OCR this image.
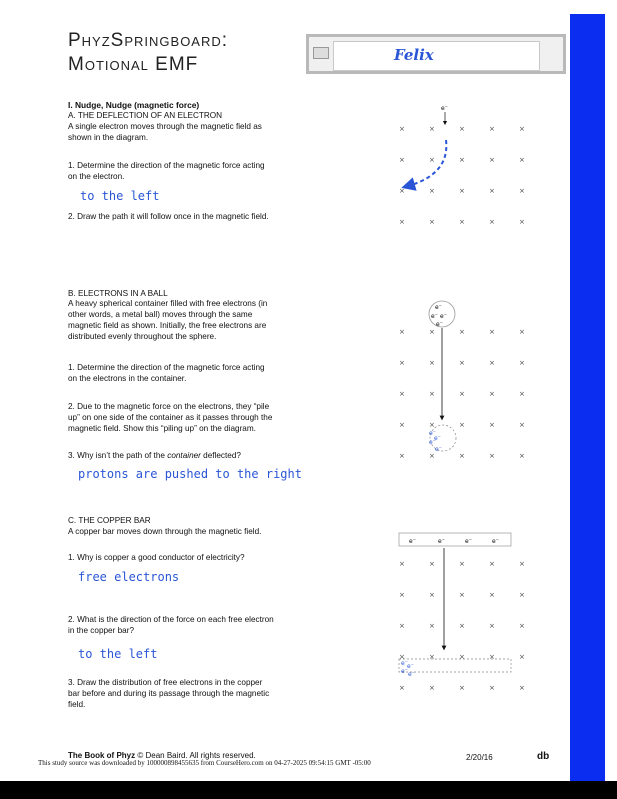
PhyzSpringboard:
Motional EMF	Felix
I. Nudge, Nudge (magnetic force)
A. THE DEFLECTION OF AN ELECTRON
A single electron moves through the magnetic field as
shown in the diagram.
1. Determine the direction of the magnetic force acting
on the electron.
to the left
2. Draw the path it will follow once in the magnetic field.
B. ELECTRONS IN A BALL
A heavy spherical container filled with free electrons (in
other words, a metal ball) moves through the same
magnetic field as shown. Initially, the free electrons are
distributed evenly throughout the sphere.
1. Determine the direction of the magnetic force acting
on the electrons in the container.
2. Due to the magnetic force on the electrons, they “pile
up” on one side of the container as it passes through the
magnetic field. Show this “piling up” on the diagram.
3. Why isn’t the path of the container deflected?
protons are pushed to the right
C. THE COPPER BAR
A copper bar moves down through the magnetic field.
1. Why is copper a good conductor of electricity?
free electrons
2. What is the direction of the force on each free electron
in the copper bar?
to the left
3. Draw the distribution of free electrons in the copper
bar before and during its passage through the magnetic
field.
×	×	×	×	×
×	×	×	×	×
×	×	×	×	×
×	×	×	×	×
×	×	×	×	×
×	×	×	×	×
×	×	×	×	×
×	×	×	×	×
×	×	×	×	×
×	×	×	×	×
×	×	×	×	×
×	×	×	×	×
×	×	×	×	×
×	×	×	×	×
e⁻
e⁻
e⁻ e⁻
e⁻
e⁻
e⁻
e⁻
e⁻
e⁻	e⁻	e⁻	e⁻
e⁻ e⁻
e⁻ e⁻
The Book of Phyz © Dean Baird. All rights reserved.
This study source was downloaded by 100000898455635 from CourseHero.com on 04-27-2025 09:54:15 GMT -05:00
2/20/16	db
